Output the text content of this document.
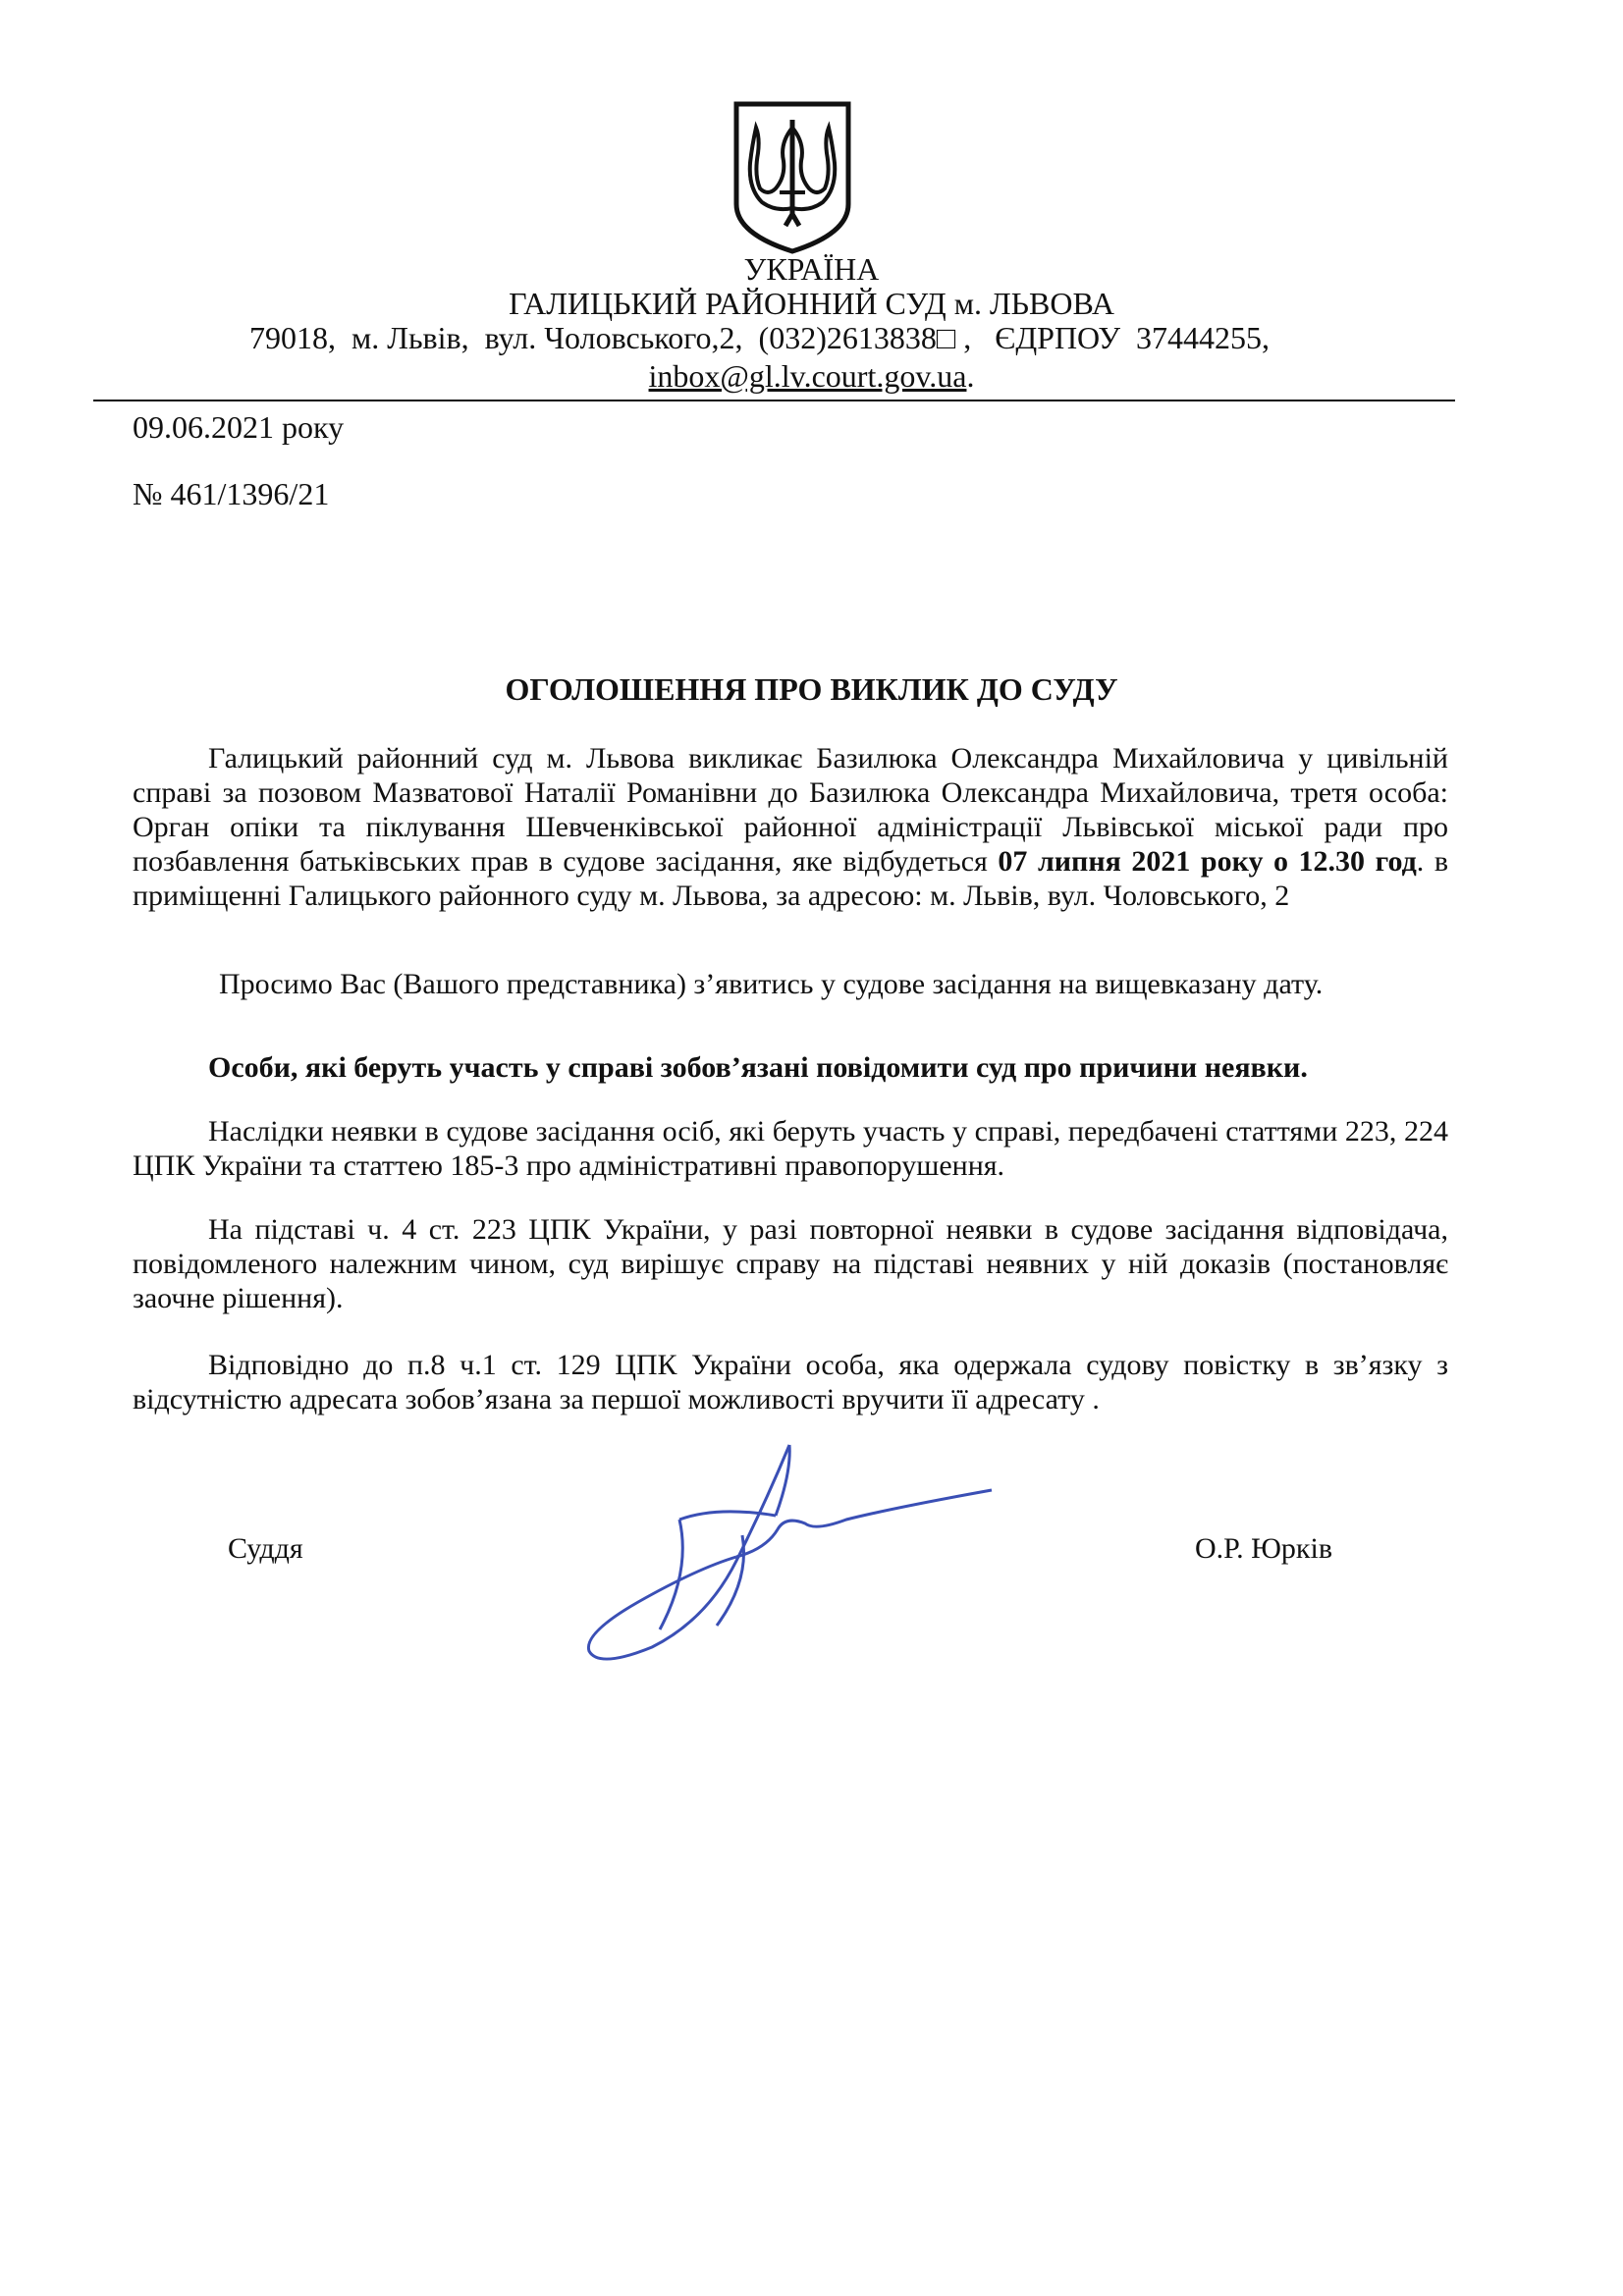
УКРАЇНА
ГАЛИЦЬКИЙ РАЙОННИЙ СУД м. ЛЬВОВА
79018,  м. Львів,  вул. Чоловського,2,  (032)2613838□ ,   ЄДРПОУ  37444255,
inbox@gl.lv.court.gov.ua.
09.06.2021 року
№ 461/1396/21
ОГОЛОШЕННЯ ПРО ВИКЛИК ДО СУДУ
Галицький районний суд м. Львова викликає Базилюка Олександра Михайловича у цивільній справі за позовом Мазватової Наталії Романівни до Базилюка Олександра Михайловича, третя особа: Орган опіки та піклування Шевченківської районної адміністрації Львівської міської ради про позбавлення батьківських прав в судове засідання, яке відбудеться 07 липня 2021 року о 12.30 год. в приміщенні Галицького районного суду м. Львова, за адресою: м. Львів, вул. Чоловського, 2
Просимо Вас (Вашого представника) з’явитись у судове засідання на вищевказану дату.
Особи, які беруть участь у справі зобов’язані повідомити суд про причини неявки.
Наслідки неявки в судове засідання осіб, які беруть участь у справі, передбачені статтями 223, 224 ЦПК України та статтею 185-3 про адміністративні правопорушення.
На підставі ч. 4 ст. 223 ЦПК України, у разі повторної неявки в судове засідання відповідача, повідомленого належним чином, суд вирішує справу на підставі неявних у ній доказів (постановляє заочне рішення).
Відповідно до п.8 ч.1 ст. 129 ЦПК України особа, яка одержала судову повістку в зв’язку з відсутністю адресата зобов’язана за першої можливості вручити її адресату .
Суддя	О.Р. Юрків
